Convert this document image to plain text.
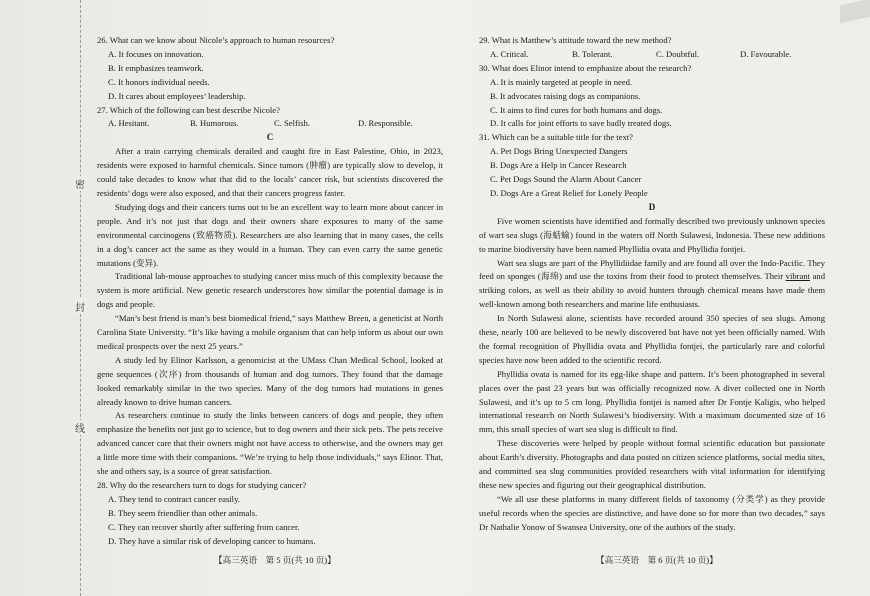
密
封
线

26. What can we know about Nicole’s approach to human resources?

A. It focuses on innovation.

B. It emphasizes teamwork.

C. It honors individual needs.

D. It cares about employees’ leadership.

27. Which of the following can best describe Nicole?

A. Hesitant.	B. Humorous.	C. Selfish.	D. Responsible.

C

After a train carrying chemicals derailed and caught fire in East Palestine, Ohio, in 2023, residents were exposed to harmful chemicals. Since tumors (肿瘤) are typically slow to develop, it could take decades to know what that did to the locals’ cancer risk, but scientists discovered the residents’ dogs were also exposed, and that their cancers progress faster.

Studying dogs and their cancers turns out to be an excellent way to learn more about cancer in people. And it’s not just that dogs and their owners share exposures to many of the same environmental carcinogens (致癌物质). Researchers are also learning that in many cases, the cells in a dog’s cancer act the same as they would in a human. They can even carry the same genetic mutations (变异).

Traditional lab-mouse approaches to studying cancer miss much of this complexity because the system is more artificial. New genetic research underscores how similar the potential damage is in dogs and people.

“Man’s best friend is man’s best biomedical friend,” says Matthew Breen, a geneticist at North Carolina State University. “It’s like having a mobile organism that can help inform us about our own medical prospects over the next 25 years.”

A study led by Elinor Karlsson, a genomicist at the UMass Chan Medical School, looked at gene sequences (次序) from thousands of human and dog tumors. They found that the damage looked remarkably similar in the two species. Many of the dog tumors had mutations in genes already known to drive human cancers.

As researchers continue to study the links between cancers of dogs and people, they often emphasize the benefits not just go to science, but to dog owners and their sick pets. The pets receive advanced cancer care that their owners might not have access to otherwise, and the owners may get a little more time with their companions. “We’re trying to help those individuals,” says Elinor. That, she and others say, is a source of great satisfaction.

28. Why do the researchers turn to dogs for studying cancer?

A. They tend to contract cancer easily.

B. They seem friendlier than other animals.

C. They can recover shortly after suffering from cancer.

D. They have a similar risk of developing cancer to humans.

29. What is Matthew’s attitude toward the new method?

A. Critical.	B. Tolerant.	C. Doubtful.	D. Favourable.

30. What does Elinor intend to emphasize about the research?

A. It is mainly targeted at people in need.

B. It advocates raising dogs as companions.

C. It aims to find cures for both humans and dogs.

D. It calls for joint efforts to save badly treated dogs.

31. Which can be a suitable title for the text?

A. Pet Dogs Bring Unexpected Dangers

B. Dogs Are a Help in Cancer Research

C. Pet Dogs Sound the Alarm About Cancer

D. Dogs Are a Great Relief for Lonely People

D

Five women scientists have identified and formally described two previously unknown species of wart sea slugs (海蛞蝓) found in the waters off North Sulawesi, Indonesia. These new additions to marine biodiversity have been named Phyllidia ovata and Phyllidia fontjei.

Wart sea slugs are part of the Phyllidiidae family and are found all over the Indo-Pacific. They feed on sponges (海绵) and use the toxins from their food to protect themselves. Their vibrant and striking colors, as well as their ability to avoid hunters through chemical means have made them well-known among both researchers and marine life enthusiasts.

In North Sulawesi alone, scientists have recorded around 350 species of sea slugs. Among these, nearly 100 are believed to be newly discovered but have not yet been officially named. With the formal recognition of Phyllidia ovata and Phyllidia fontjei, the particularly rare and colorful species have now been added to the scientific record.

Phyllidia ovata is named for its egg-like shape and pattern. It’s been photographed in several places over the past 23 years but was officially recognized now. A diver collected one in North Sulawesi, and it’s up to 5 cm long. Phyllidia fontjei is named after Dr Fontje Kaligis, who helped international research on North Sulawesi’s biodiversity. With a maximum documented size of 16 mm, this small species of wart sea slug is difficult to find.

These discoveries were helped by people without formal scientific education but passionate about Earth’s diversity. Photographs and data posted on citizen science platforms, social media sites, and committed sea slug communities provided researchers with vital information for identifying these new species and figuring out their geographical distribution.

“We all use these platforms in many different fields of taxonomy (分类学) as they provide useful records when the species are distinctive, and have done so for more than two decades,” says Dr Nathalie Yonow of Swansea University, one of the authors of the study.

【高三英语　第 5 页(共 10 页)】	【高三英语　第 6 页(共 10 页)】
